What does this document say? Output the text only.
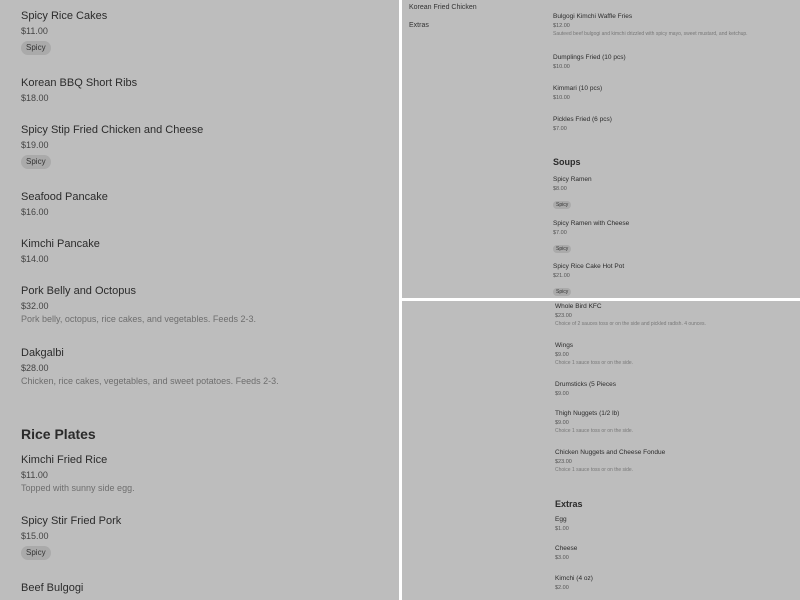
Spicy Rice Cakes
$11.00
Spicy
Korean BBQ Short Ribs
$18.00
Spicy Stip Fried Chicken and Cheese
$19.00
Spicy
Seafood Pancake
$16.00
Kimchi Pancake
$14.00
Pork Belly and Octopus
$32.00
Pork belly, octopus, rice cakes, and vegetables. Feeds 2-3.
Dakgalbi
$28.00
Chicken, rice cakes, vegetables, and sweet potatoes. Feeds 2-3.
Rice Plates
Kimchi Fried Rice
$11.00
Topped with sunny side egg.
Spicy Stir Fried Pork
$15.00
Spicy
Beef Bulgogi
Korean Fried Chicken
Extras
Bulgogi Kimchi Waffle Fries
$12.00
Sauteed beef bulgogi and kimchi drizzled with spicy mayo, sweet mustard, and ketchup.
Dumplings Fried (10 pcs)
$10.00
Kimmari (10 pcs)
$10.00
Pickles Fried (6 pcs)
$7.00
Soups
Spicy Ramen
$8.00
Spicy
Spicy Ramen with Cheese
$7.00
Spicy
Spicy Rice Cake Hot Pot
$21.00
Spicy
Whole Bird KFC
$23.00
Choice of 2 sauces toss or on the side and pickled radish. 4 ounces.
Wings
$9.00
Choice 1 sauce toss or on the side.
Drumsticks (5 Pieces
$9.00
Thigh Nuggets (1/2 lb)
$9.00
Choice 1 sauce toss or on the side.
Chicken Nuggets and Cheese Fondue
$23.00
Choice 1 sauce toss or on the side.
Extras
Egg
$1.00
Cheese
$3.00
Kimchi (4 oz)
$2.00
